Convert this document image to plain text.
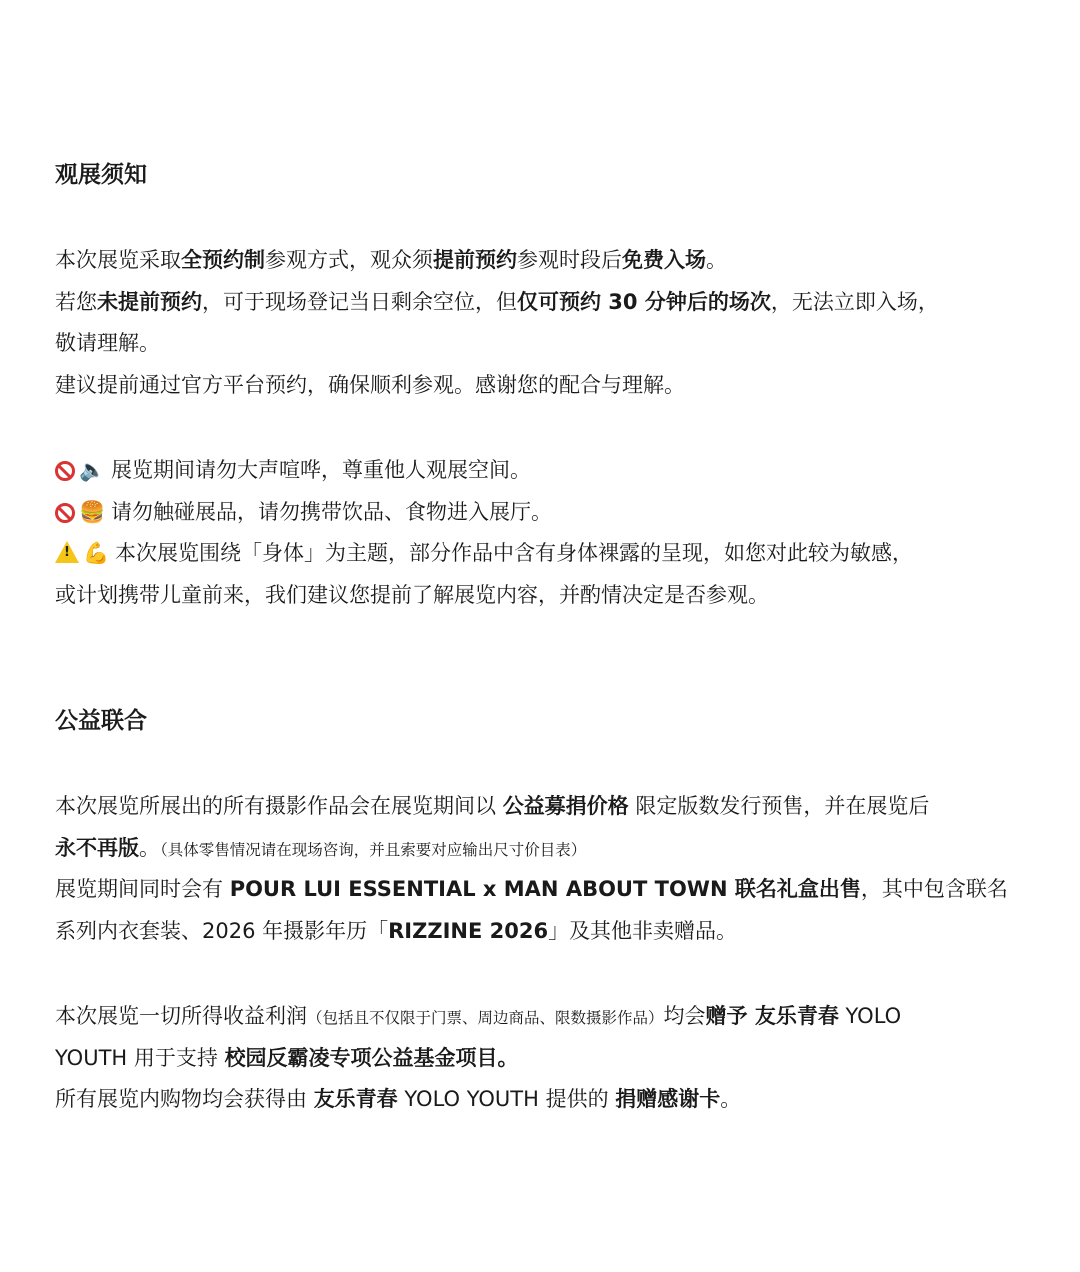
观展须知
本次展览采取全预约制参观方式，观众须提前预约参观时段后免费入场。
若您未提前预约，可于现场登记当日剩余空位，但仅可预约 30 分钟后的场次，无法立即入场，
敬请理解。
建议提前通过官方平台预约，确保顺利参观。感谢您的配合与理解。
🔈 展览期间请勿大声喧哗，尊重他人观展空间。
🍔 请勿触碰展品，请勿携带饮品、食物进入展厅。
! 💪 本次展览围绕「身体」为主题，部分作品中含有身体裸露的呈现，如您对此较为敏感，
或计划携带儿童前来，我们建议您提前了解展览内容，并酌情决定是否参观。
公益联合
本次展览所展出的所有摄影作品会在展览期间以 公益募捐价格 限定版数发行预售，并在展览后
永不再版。（具体零售情况请在现场咨询，并且索要对应输出尺寸价目表）
展览期间同时会有 POUR LUI ESSENTIAL x MAN ABOUT TOWN 联名礼盒出售，其中包含联名
系列内衣套装、2026 年摄影年历「RIZZINE 2026」及其他非卖赠品。
本次展览一切所得收益利润（包括且不仅限于门票、周边商品、限数摄影作品）均会赠予 友乐青春 YOLO
YOUTH 用于支持 校园反霸凌专项公益基金项目。
所有展览内购物均会获得由 友乐青春 YOLO YOUTH 提供的 捐赠感谢卡。
